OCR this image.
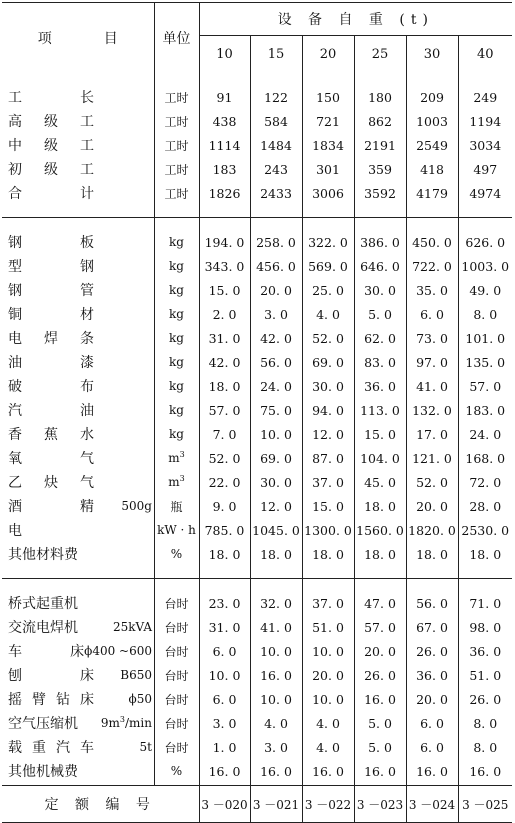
项 目	单位	设 备 自 重 (t)					
		10	15	20	25	30	40

工　　长	工时	91	122	150	180	209	249

高 级 工	工时	438	584	721	862	1003	1194

中 级 工	工时	1114	1484	1834	2191	2549	3034

初 级 工	工时	183	243	301	359	418	497

合　　计	工时	1826	2433	3006	3592	4179	4974

钢　　板	kg	194. 0	258. 0	322. 0	386. 0	450. 0	626. 0

型　　钢	kg	343. 0	456. 0	569. 0	646. 0	722. 0	1003. 0

钢　　管	kg	15. 0	20. 0	25. 0	30. 0	35. 0	49. 0

铜　　材	kg	2. 0	3. 0	4. 0	5. 0	6. 0	8. 0

电 焊 条	kg	31. 0	42. 0	52. 0	62. 0	73. 0	101. 0

油　　漆	kg	42. 0	56. 0	69. 0	83. 0	97. 0	135. 0

破　　布	kg	18. 0	24. 0	30. 0	36. 0	41. 0	57. 0

汽　　油	kg	57. 0	75. 0	94. 0	113. 0	132. 0	183. 0

香 蕉 水	kg	7. 0	10. 0	12. 0	15. 0	17. 0	24. 0

氧　　气	$m^3$	52. 0	69. 0	87. 0	104. 0	121. 0	168. 0

乙 炔 气	$m^3$	22. 0	30. 0	37. 0	45. 0	52. 0	72. 0

酒　　精 500g	瓶	9. 0	12. 0	15. 0	18. 0	20. 0	28. 0

电	kW · h	785. 0	1045. 0	1300. 0	1560. 0	1820. 0	2530. 0

其他材料费	%	18. 0	18. 0	18. 0	18. 0	18. 0	18. 0

桥式起重机	台时	23. 0	32. 0	37. 0	47. 0	56. 0	71. 0

交流电焊机 25kVA	台时	31. 0	41. 0	51. 0	57. 0	67. 0	98. 0

车　　床 ϕ400 ~600	台时	6. 0	10. 0	10. 0	20. 0	26. 0	36. 0

刨　　床 B650	台时	10. 0	16. 0	20. 0	26. 0	36. 0	51. 0

摇 臂 钻 床 ϕ50	台时	6. 0	10. 0	10. 0	16. 0	20. 0	26. 0

空气压缩机 $9m^3/\min$	台时	3. 0	4. 0	4. 0	5. 0	6. 0	8. 0

载 重 汽 车 5t	台时	1. 0	3. 0	4. 0	5. 0	6. 0	8. 0

其他机械费	%	16. 0	16. 0	16. 0	16. 0	16. 0	16. 0

定 额 编 号		3 －020	3 －021	3 －022	3 －023	3 －024	3 －025
